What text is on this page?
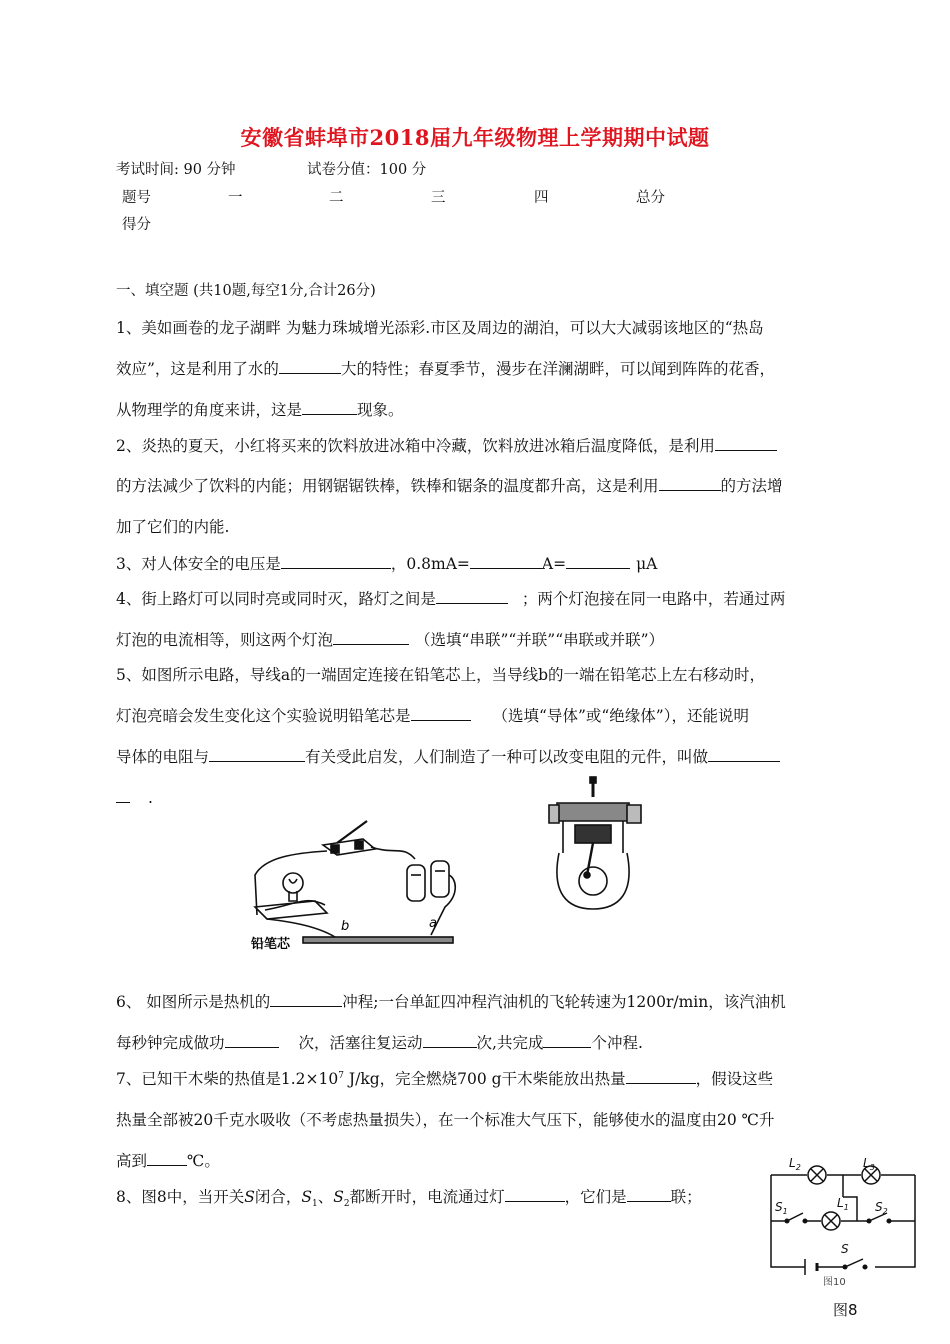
安徽省蚌埠市2018届九年级物理上学期期中试题
考试时间: 90 分钟	试卷分值：100 分
题号	一	二	三	四	总分
得分
一、填空题 (共10题,每空1分,合计26分)
1、美如画卷的龙子湖畔 为魅力珠城增光添彩.市区及周边的湖泊，可以大大减弱该地区的“热岛
效应”，这是利用了水的	大的特性；春夏季节，漫步在洋澜湖畔，可以闻到阵阵的花香，
从物理学的角度来讲，这是	现象。
2、炎热的夏天，小红将买来的饮料放进冰箱中冷藏，饮料放进冰箱后温度降低，是利用
的方法减少了饮料的内能；用钢锯锯铁棒，铁棒和锯条的温度都升高，这是利用	的方法增
加了它们的内能.
3、对人体安全的电压是	，0.8mA=	A=	μA
4、街上路灯可以同时亮或同时灭，路灯之间是	；两个灯泡接在同一电路中，若通过两
灯泡的电流相等，则这两个灯泡	（选填“串联”“并联”“串联或并联”）
5、如图所示电路，导线a的一端固定连接在铅笔芯上，当导线b的一端在铅笔芯上左右移动时，
灯泡亮暗会发生变化这个实验说明铅笔芯是	（选填“导体”或“绝缘体”），还能说明
导体的电阻与	有关受此启发，人们制造了一种可以改变电阻的元件，叫做
.
b	a
铅笔芯
6、 如图所示是热机的	冲程;一台单缸四冲程汽油机的飞轮转速为1200r/min，该汽油机
每秒钟完成做功	次，活塞往复运动	次,共完成	个冲程.
7、已知干木柴的热值是$1.2\times 10^7$ J/kg，完全燃烧700 g干木柴能放出热量	，假设这些
热量全部被20千克水吸收（不考虑热量损失），在一个标准大气压下，能够使水的温度由20 ℃升
高到	℃。
8、图8中，当开关S闭合，$S_1$、$S_2$都断开时，电流通过灯	，它们是	联；
$L_2$	$L_3$
$L_1$
$S_1$	$S_2$
S
图10
图8
